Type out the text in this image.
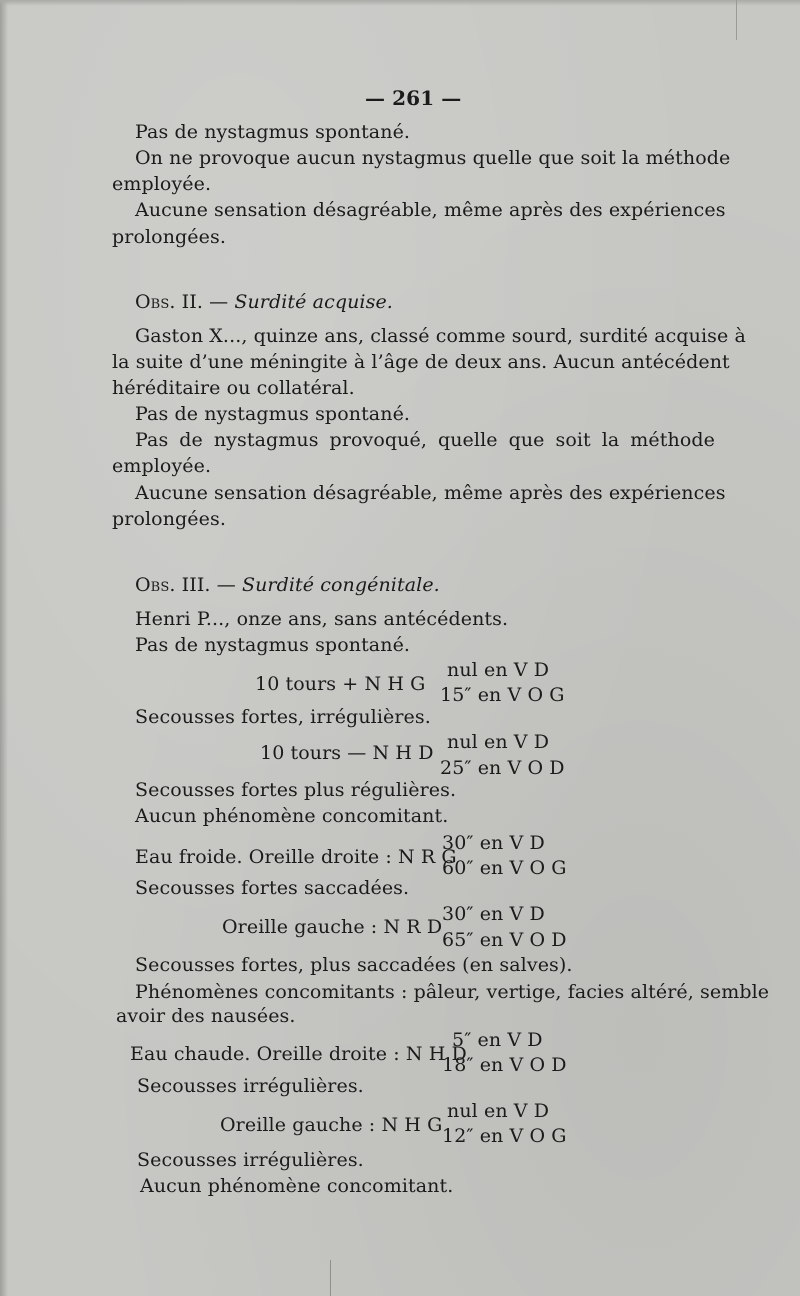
— 261 —
Pas de nystagmus spontané.
On ne provoque aucun nystagmus quelle que soit la méthode
employée.
Aucune sensation désagréable, même après des expériences
prolongées.
Obs. II. — Surdité acquise.
Gaston X..., quinze ans, classé comme sourd, surdité acquise à
la suite d’une méningite à l’âge de deux ans. Aucun antécédent
héréditaire ou collatéral.
Pas de nystagmus spontané.
Pas de nystagmus provoqué, quelle que soit la méthode
employée.
Aucune sensation désagréable, même après des expériences
prolongées.
Obs. III. — Surdité congénitale.
Henri P..., onze ans, sans antécédents.
Pas de nystagmus spontané.
10 tours + N H G
nul en V D
15″ en V O G
Secousses fortes, irrégulières.
10 tours — N H D nul en V D
25″ en V O D
Secousses fortes plus régulières.
Aucun phénomène concomitant.
Eau froide. Oreille droite : N R G
30″ en V D
60″ en V O G
Secousses fortes saccadées.
Oreille gauche : N R D
30″ en V D
65″ en V O D
Secousses fortes, plus saccadées (en salves).
Phénomènes concomitants : pâleur, vertige, facies altéré, semble
avoir des nausées.
Eau chaude. Oreille droite : N H D
5″ en V D
18″ en V O D
Secousses irrégulières.
Oreille gauche : N H G
nul en V D
12″ en V O G
Secousses irrégulières.
Aucun phénomène concomitant.
